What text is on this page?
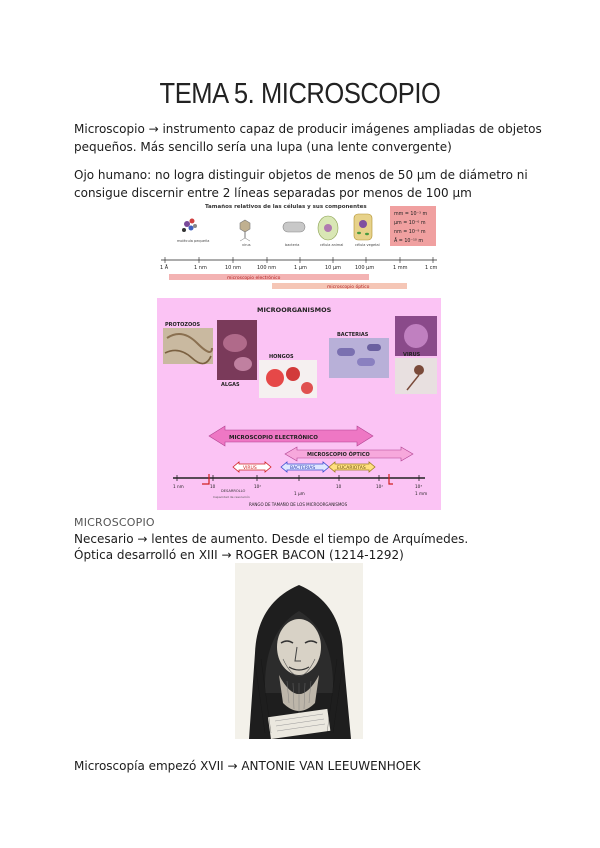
TEMA 5. MICROSCOPIO
Microscopio → instrumento capaz de producir imágenes ampliadas de objetos pequeños. Más sencillo sería una lupa (una lente convergente)
Ojo humano: no logra distinguir objetos de menos de 50 µm de diámetro ni consigue discernir entre 2 líneas separadas por menos de 100 µm
Tamaños relativos de las células y sus componentes
molécula pequeña
virus	bacteria	célula animal	célula vegetal
mm = 10⁻³ m
µm = 10⁻⁶ m
nm = 10⁻⁹ m
Å = 10⁻¹⁰ m
1 Å	1 nm	10 nm	100 nm	1 µm	10 µm	100 µm	1 mm	1 cm
microscopio electrónico
microscopio óptico
MICROORGANISMOS
PROTOZOOS
ALGAS
HONGOS
BACTERIAS
VIRUS
MICROSCOPIO ELECTRÓNICO
MICROSCOPIO ÓPTICO
VIRUS	BACTERIAS	EUCARIOTAS
1 nm	10	10²
1 µm
10	10²	10³
1 mm
DESARROLLO
Capacidad de resolución
RANGO DE TAMAÑO DE LOS MICROORGANISMOS
MICROSCOPIO
Necesario → lentes de aumento. Desde el tiempo de Arquímedes.
Óptica desarrolló en XIII → ROGER BACON (1214-1292)
Microscopía empezó XVII → ANTONIE VAN LEEUWENHOEK
